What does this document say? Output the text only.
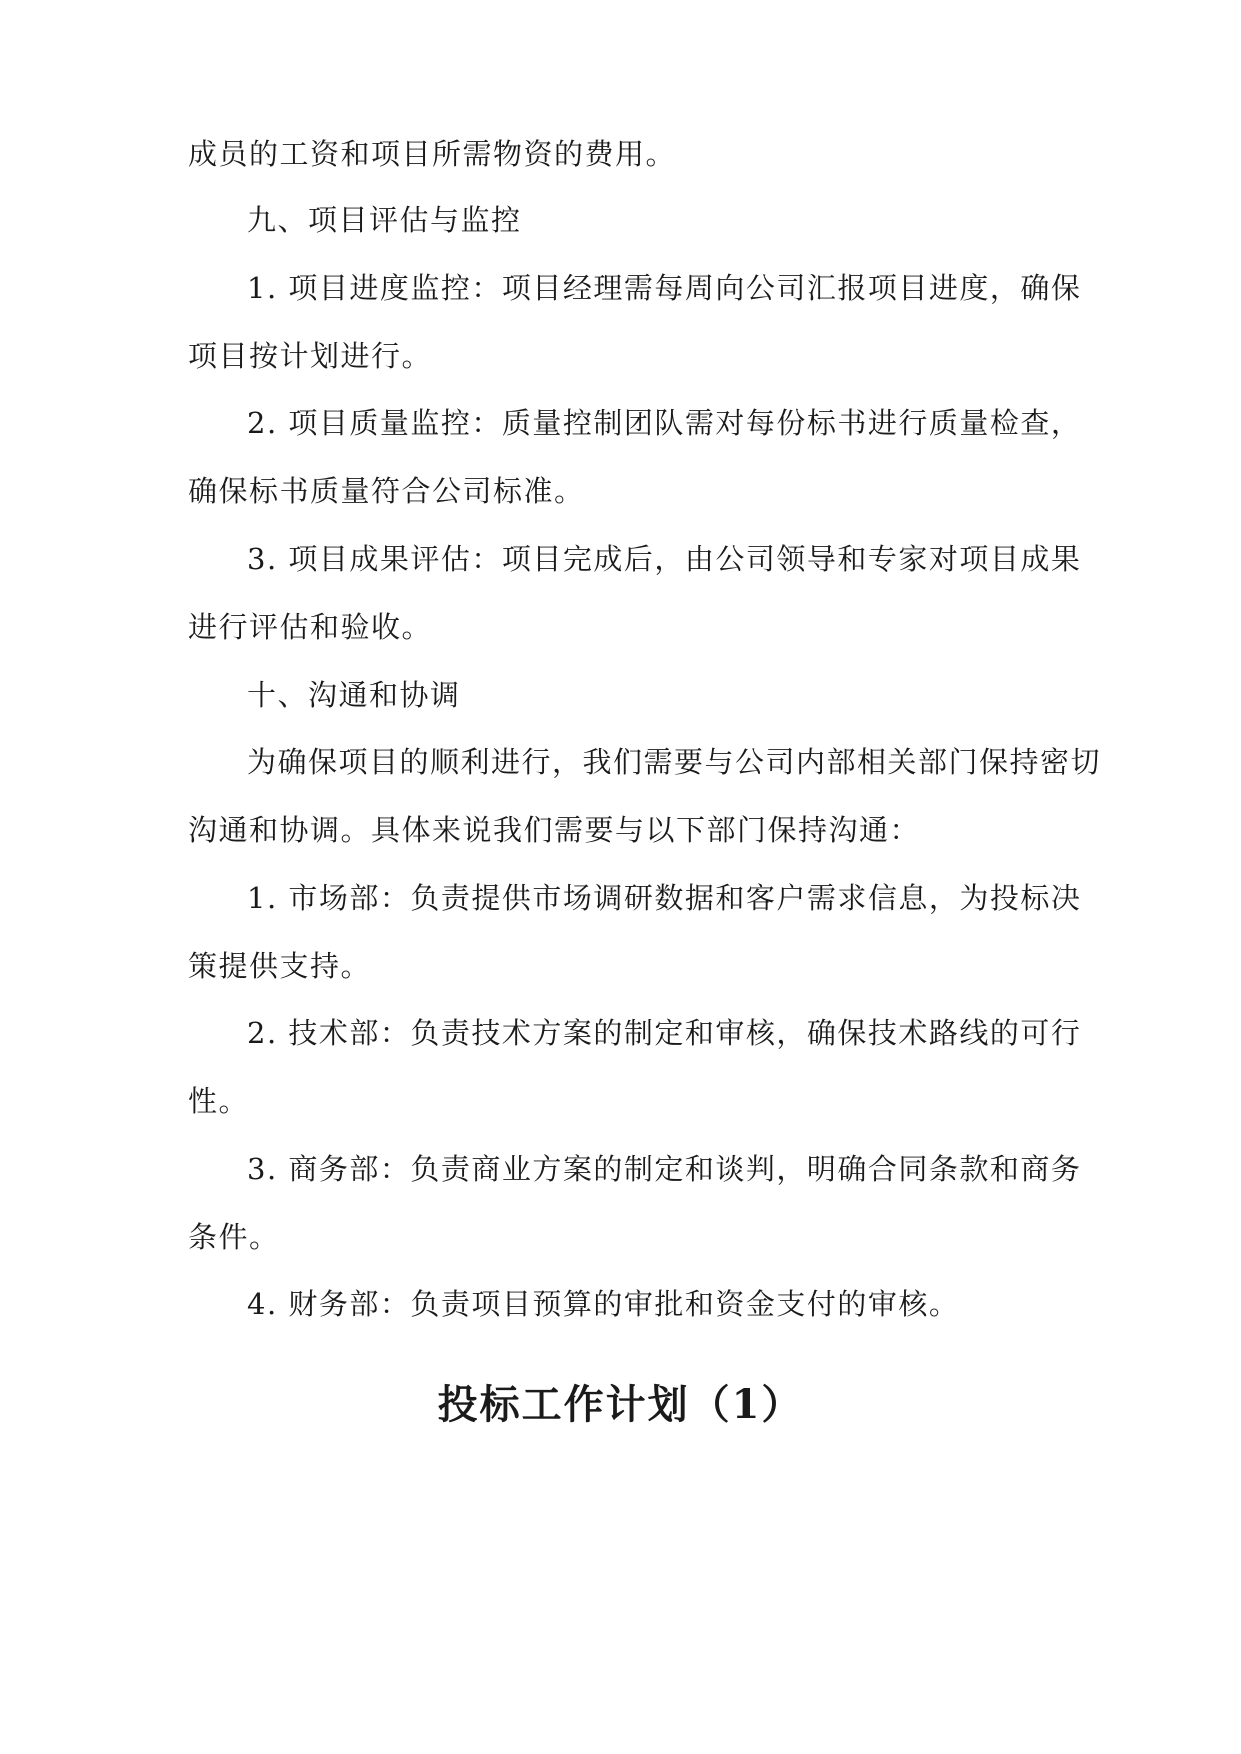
成员的工资和项目所需物资的费用。
九、项目评估与监控
1. 项目进度监控：项目经理需每周向公司汇报项目进度，确保
项目按计划进行。
2. 项目质量监控：质量控制团队需对每份标书进行质量检查，
确保标书质量符合公司标准。
3. 项目成果评估：项目完成后，由公司领导和专家对项目成果
进行评估和验收。
十、沟通和协调
为确保项目的顺利进行，我们需要与公司内部相关部门保持密切
沟通和协调。具体来说我们需要与以下部门保持沟通：
1. 市场部：负责提供市场调研数据和客户需求信息，为投标决
策提供支持。
2. 技术部：负责技术方案的制定和审核，确保技术路线的可行
性。
3. 商务部：负责商业方案的制定和谈判，明确合同条款和商务
条件。
4. 财务部：负责项目预算的审批和资金支付的审核。
投标工作计划（1）
